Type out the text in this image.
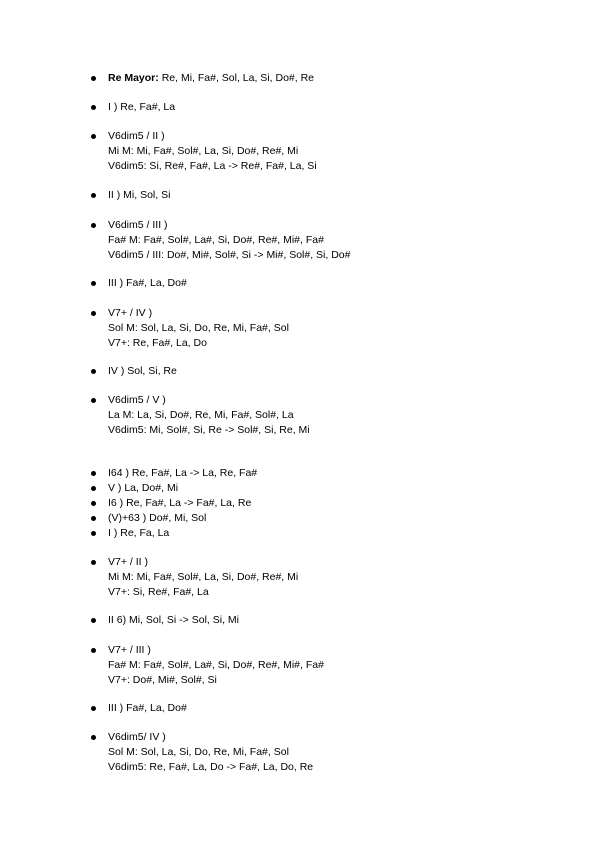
Re Mayor: Re, Mi, Fa#, Sol, La, Si, Do#, Re
I ) Re, Fa#, La
V6dim5 / II )
Mi M: Mi, Fa#, Sol#, La, Si, Do#, Re#, Mi
V6dim5: Si, Re#, Fa#, La -> Re#, Fa#, La, Si
II ) Mi, Sol, Si
V6dim5 / III )
Fa# M: Fa#, Sol#, La#, Si, Do#, Re#, Mi#, Fa#
V6dim5 / III: Do#, Mi#, Sol#, Si -> Mi#, Sol#, Si, Do#
III ) Fa#, La, Do#
V7+ / IV )
Sol M: Sol, La, Si, Do, Re, Mi, Fa#, Sol
V7+: Re, Fa#, La, Do
IV ) Sol, Si, Re
V6dim5 / V )
La M: La, Si, Do#, Re, Mi, Fa#, Sol#, La
V6dim5: Mi, Sol#, Si, Re -> Sol#, Si, Re, Mi
I64 ) Re, Fa#, La -> La, Re, Fa#
V ) La, Do#, Mi
I6 ) Re, Fa#, La -> Fa#, La, Re
(V)+63 ) Do#, Mi, Sol
I ) Re, Fa, La
V7+ / II )
Mi M: Mi, Fa#, Sol#, La, Si, Do#, Re#, Mi
V7+: Si, Re#, Fa#, La
II 6) Mi, Sol, Si -> Sol, Si, Mi
V7+ / III )
Fa# M: Fa#, Sol#, La#, Si, Do#, Re#, Mi#, Fa#
V7+: Do#, Mi#, Sol#, Si
III ) Fa#, La, Do#
V6dim5/ IV )
Sol M: Sol, La, Si, Do, Re, Mi, Fa#, Sol
V6dim5: Re, Fa#, La, Do -> Fa#, La, Do, Re
